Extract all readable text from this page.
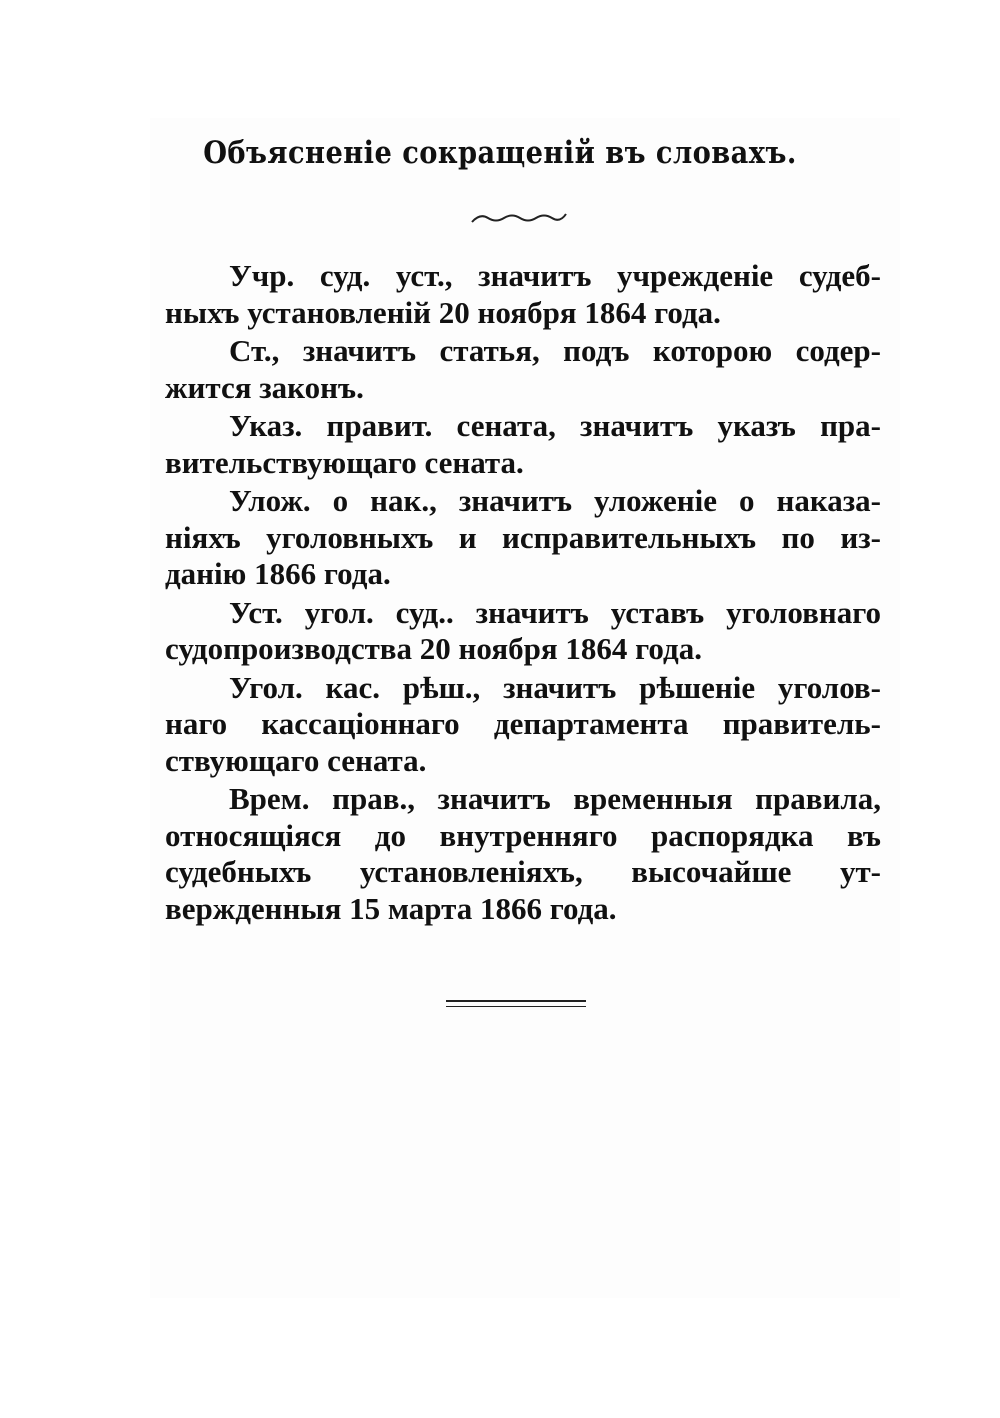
Объясненіе сокращеній въ словахъ.
Учр. суд. уст., значитъ учрежденіе судеб-
ныхъ установленій 20 ноября 1864 года.
Ст., значитъ статья, подъ которою содер-
жится законъ.
Указ. правит. сената, значитъ указъ пра-
вительствующаго сената.
Улож. о нак., значитъ уложеніе о наказа-
ніяхъ уголовныхъ и исправительныхъ по из-
данію 1866 года.
Уст. угол. суд.. значитъ уставъ уголовнаго
судопроизводства 20 ноября 1864 года.
Угол. кас. рѣш., значитъ рѣшеніе уголов-
наго кассаціоннаго департамента правитель-
ствующаго сената.
Врем. прав., значитъ временныя правила,
относящіяся до внутренняго распорядка въ
судебныхъ установленіяхъ, высочайше ут-
вержденныя 15 марта 1866 года.
